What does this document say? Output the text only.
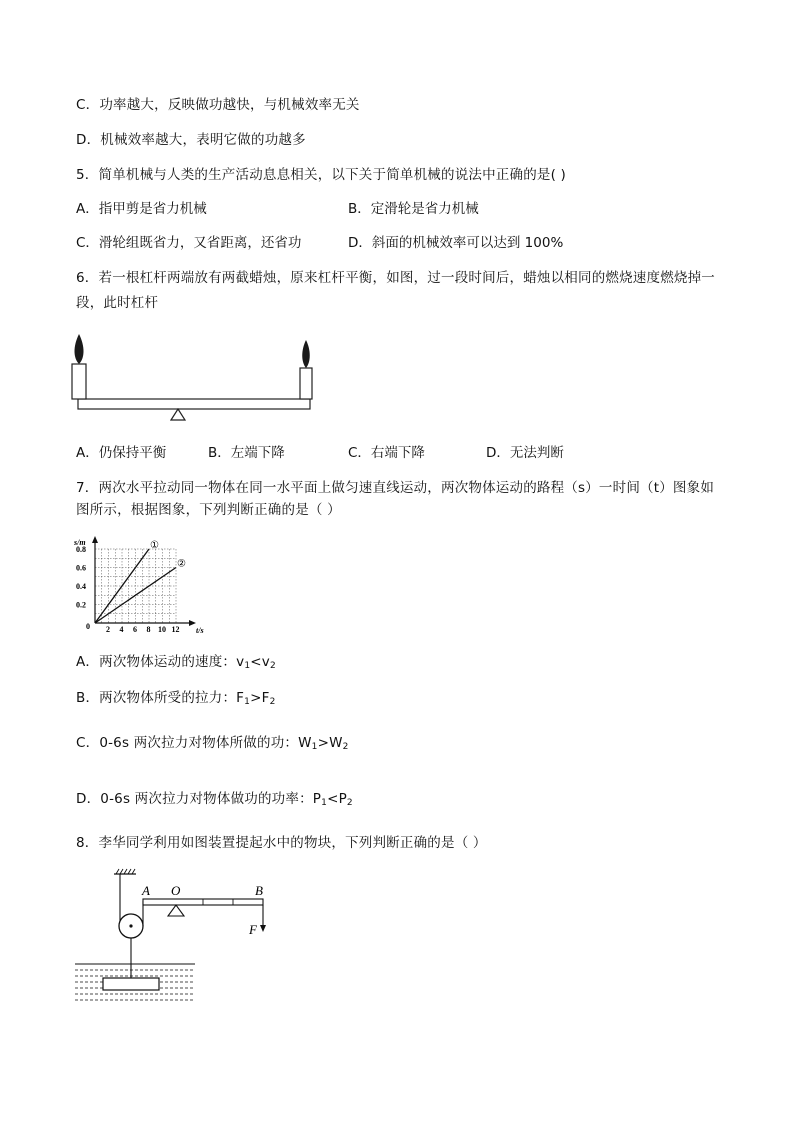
C．功率越大，反映做功越快，与机械效率无关
D．机械效率越大，表明它做的功越多
5．简单机械与人类的生产活动息息相关，以下关于简单机械的说法中正确的是( )
A．指甲剪是省力机械	B．定滑轮是省力机械
C．滑轮组既省力，又省距离，还省功	D．斜面的机械效率可以达到 100%
6．若一根杠杆两端放有两截蜡烛，原来杠杆平衡，如图，过一段时间后，蜡烛以相同的燃烧速度燃烧掉一
段，此时杠杆
A．仍保持平衡	B．左端下降	C．右端下降	D．无法判断
7．两次水平拉动同一物体在同一水平面上做匀速直线运动，两次物体运动的路程（s）一时间（t）图象如
图所示，根据图象，下列判断正确的是（ ）
s/m
t/s
0
0.8
0.6
0.4
0.2
2 4 6 8 10 12
①
②
A．两次物体运动的速度：$v_1<v_2$
B．两次物体所受的拉力：$F_1>F_2$
C．0-6s 两次拉力对物体所做的功：$W_1>W_2$
D．0-6s 两次拉力对物体做功的功率：$P_1<P_2$
8．李华同学利用如图装置提起水中的物块，下列判断正确的是（ ）
A O	B
F
